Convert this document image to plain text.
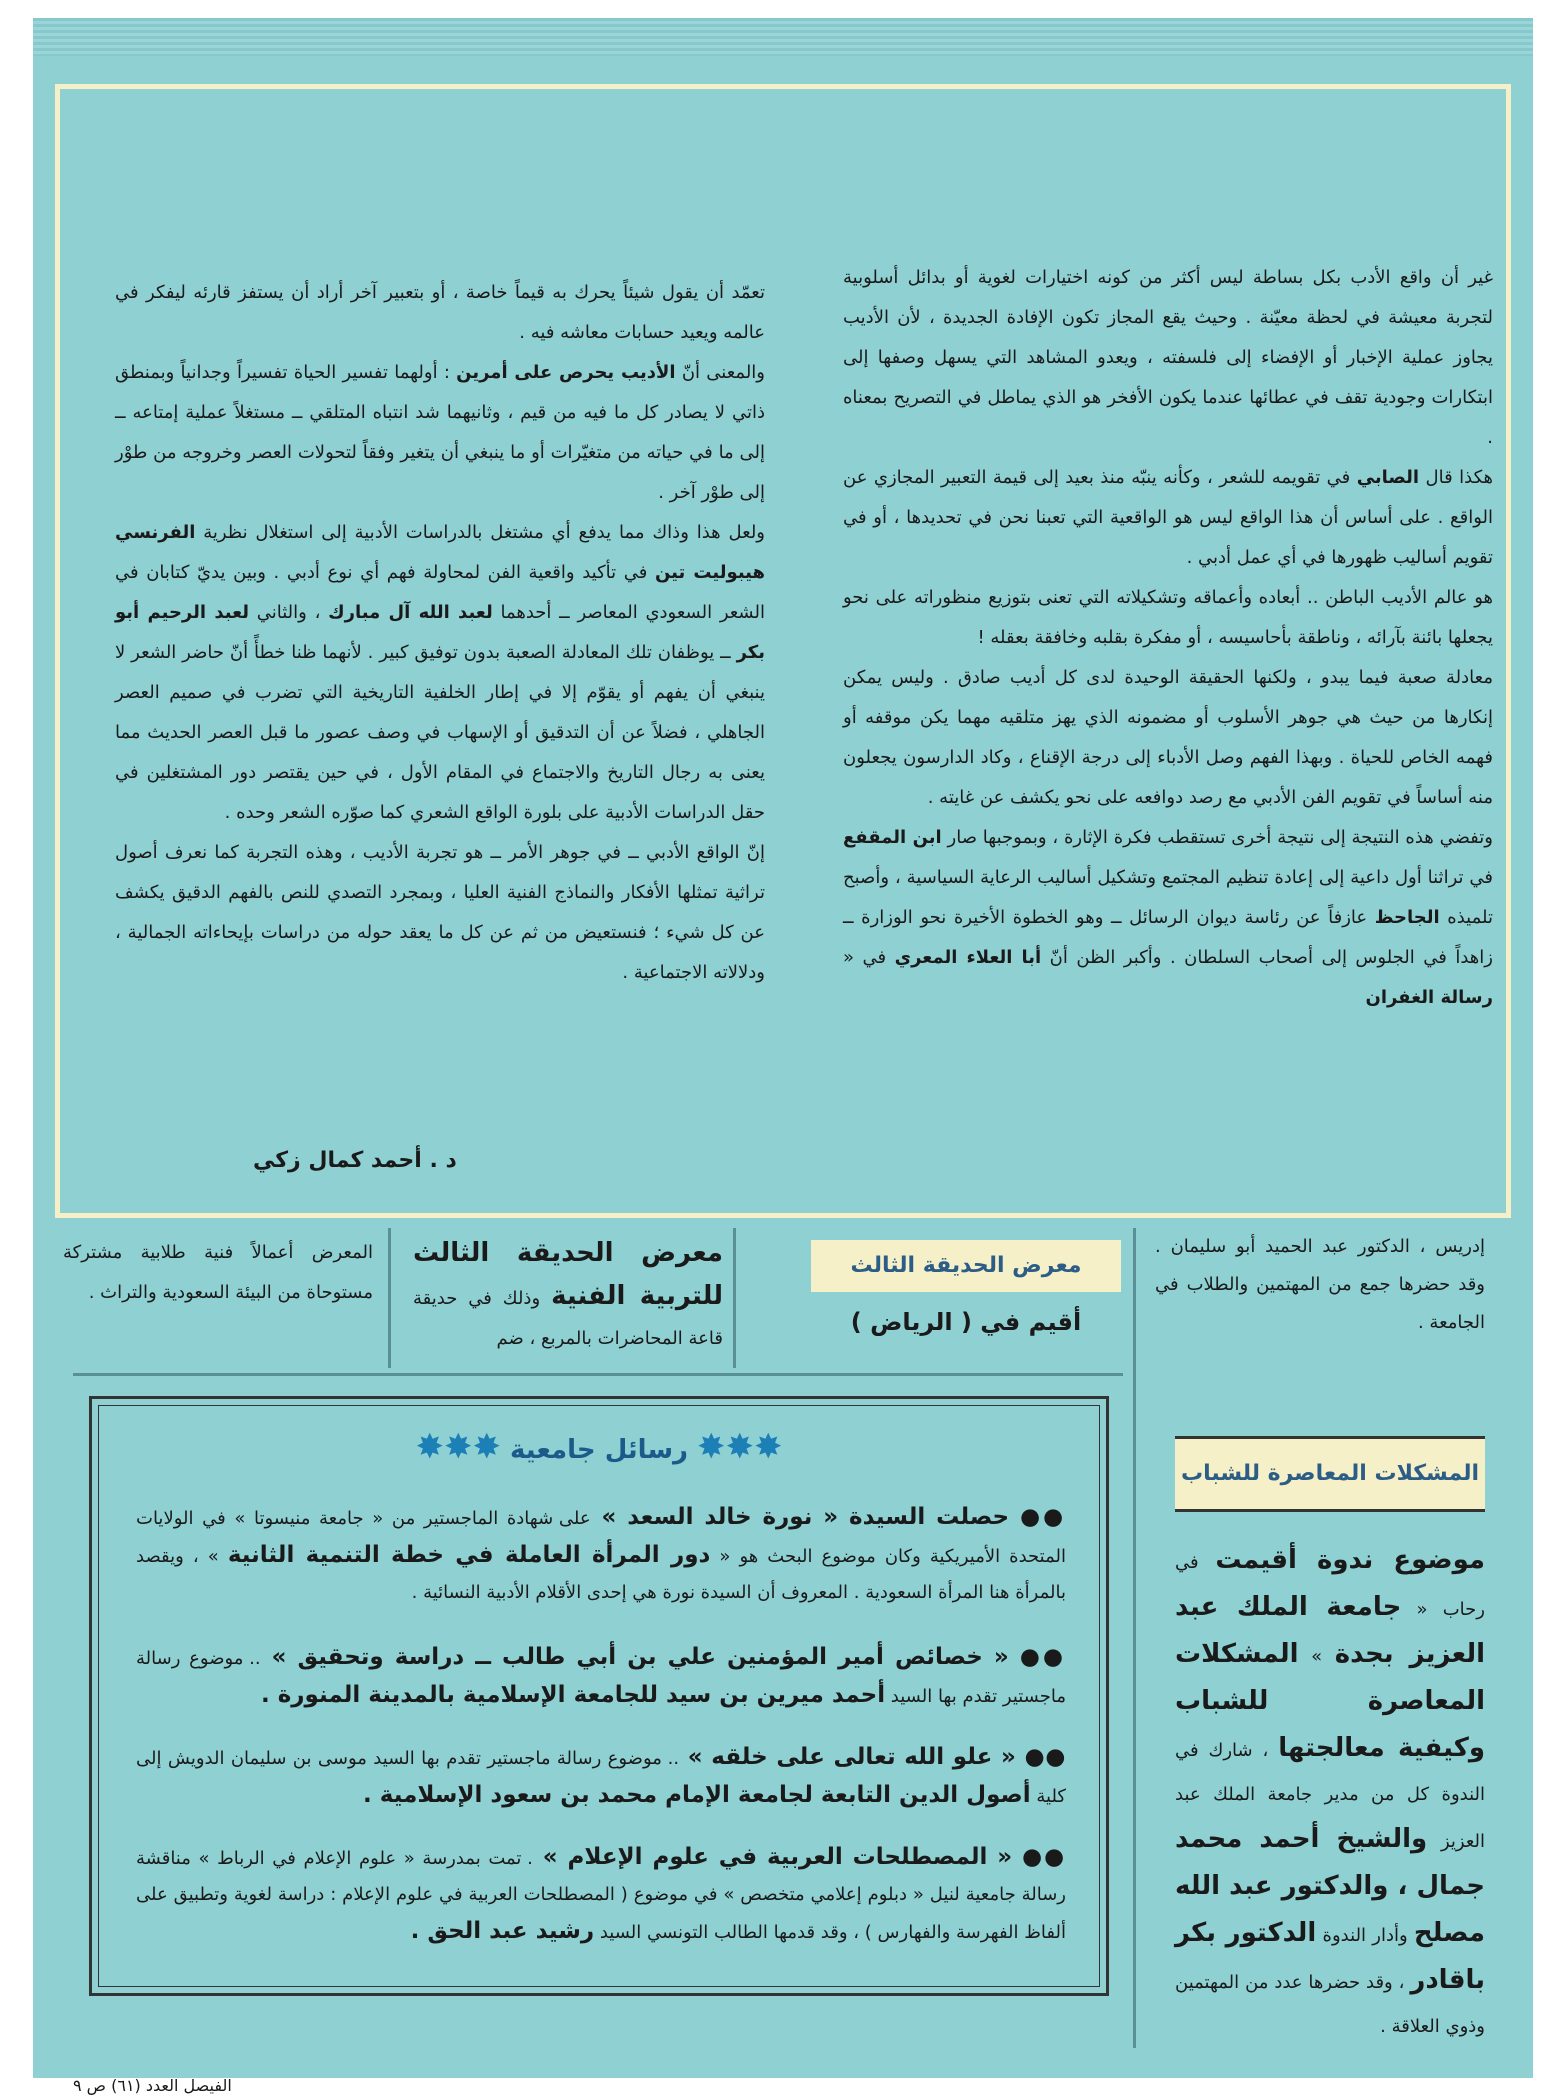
غير أن واقع الأدب بكل بساطة ليس أكثر من كونه اختيارات لغوية أو بدائل أسلوبية لتجربة معيشة في لحظة معيّنة . وحيث يقع المجاز تكون الإفادة الجديدة ، لأن الأديب يجاوز عملية الإخبار أو الإفضاء إلى فلسفته ، ويعدو المشاهد التي يسهل وصفها إلى ابتكارات وجودية تقف في عطائها عندما يكون الأفخر هو الذي يماطل في التصريح بمعناه .

هكذا قال الصابي في تقويمه للشعر ، وكأنه ينبّه منذ بعيد إلى قيمة التعبير المجازي عن الواقع . على أساس أن هذا الواقع ليس هو الواقعية التي تعبنا نحن في تحديدها ، أو في تقويم أساليب ظهورها في أي عمل أدبي .

هو عالم الأديب الباطن .. أبعاده وأعماقه وتشكيلاته التي تعنى بتوزيع منظوراته على نحو يجعلها بائنة بآرائه ، وناطقة بأحاسيسه ، أو مفكرة بقلبه وخافقة بعقله !

معادلة صعبة فيما يبدو ، ولكنها الحقيقة الوحيدة لدى كل أديب صادق . وليس يمكن إنكارها من حيث هي جوهر الأسلوب أو مضمونه الذي يهز متلقيه مهما يكن موقفه أو فهمه الخاص للحياة . وبهذا الفهم وصل الأدباء إلى درجة الإقناع ، وكاد الدارسون يجعلون منه أساساً في تقويم الفن الأدبي مع رصد دوافعه على نحو يكشف عن غايته .

وتفضي هذه النتيجة إلى نتيجة أخرى تستقطب فكرة الإثارة ، وبموجبها صار ابن المقفع في تراثنا أول داعية إلى إعادة تنظيم المجتمع وتشكيل أساليب الرعاية السياسية ، وأصبح تلميذه الجاحظ عازفاً عن رئاسة ديوان الرسائل ــ وهو الخطوة الأخيرة نحو الوزارة ــ زاهداً في الجلوس إلى أصحاب السلطان . وأكبر الظن أنّ أبا العلاء المعري في « رسالة الغفران

تعمّد أن يقول شيئاً يحرك به قيماً خاصة ، أو بتعبير آخر أراد أن يستفز قارئه ليفكر في عالمه ويعيد حسابات معاشه فيه .

والمعنى أنّ الأديب يحرص على أمرين : أولهما تفسير الحياة تفسيراً وجدانياً وبمنطق ذاتي لا يصادر كل ما فيه من قيم ، وثانيهما شد انتباه المتلقي ــ مستغلاً عملية إمتاعه ــ إلى ما في حياته من متغيّرات أو ما ينبغي أن يتغير وفقاً لتحولات العصر وخروجه من طوْر إلى طوْر آخر .

ولعل هذا وذاك مما يدفع أي مشتغل بالدراسات الأدبية إلى استغلال نظرية الفرنسي هيبوليت تين في تأكيد واقعية الفن لمحاولة فهم أي نوع أدبي . وبين يديّ كتابان في الشعر السعودي المعاصر ــ أحدهما لعبد الله آل مبارك ، والثاني لعبد الرحيم أبو بكر ــ يوظفان تلك المعادلة الصعبة بدون توفيق كبير . لأنهما ظنا خطأً أنّ حاضر الشعر لا ينبغي أن يفهم أو يقوّم إلا في إطار الخلفية التاريخية التي تضرب في صميم العصر الجاهلي ، فضلاً عن أن التدقيق أو الإسهاب في وصف عصور ما قبل العصر الحديث مما يعنى به رجال التاريخ والاجتماع في المقام الأول ، في حين يقتصر دور المشتغلين في حقل الدراسات الأدبية على بلورة الواقع الشعري كما صوّره الشعر وحده .

إنّ الواقع الأدبي ــ في جوهر الأمر ــ هو تجربة الأديب ، وهذه التجربة كما نعرف أصول تراثية تمثلها الأفكار والنماذج الفنية العليا ، وبمجرد التصدي للنص بالفهم الدقيق يكشف عن كل شيء ؛ فنستعيض من ثم عن كل ما يعقد حوله من دراسات بإيحاءاته الجمالية ، ودلالاته الاجتماعية .

د . أحمد كمال زكي
إدريس ، الدكتور عبد الحميد أبو سليمان . وقد حضرها جمع من المهتمين والطلاب في الجامعة .
المشكلات المعاصرة للشباب
موضوع ندوة أقيمت في رحاب « جامعة الملك عبد العزيز بجدة » المشكلات المعاصرة للشباب وكيفية معالجتها ، شارك في الندوة كل من مدير جامعة الملك عبد العزيز والشيخ أحمد محمد جمال ، والدكتور عبد الله مصلح وأدار الندوة الدكتور بكر باقادر ، وقد حضرها عدد من المهتمين وذوي العلاقة .
معرض الحديقة الثالث
أقيم في ( الرياض )
معرض الحديقة الثالث للتربية الفنية وذلك في حديقة قاعة المحاضرات بالمربع ، ضم
المعرض أعمالاً فنية طلابية مشتركة مستوحاة من البيئة السعودية والتراث .
✸✸✸ رسائل جامعية ✸✸✸
●● حصلت السيدة « نورة خالد السعد » على شهادة الماجستير من « جامعة منيسوتا » في الولايات المتحدة الأميريكية وكان موضوع البحث هو « دور المرأة العاملة في خطة التنمية الثانية » ، ويقصد بالمرأة هنا المرأة السعودية . المعروف أن السيدة نورة هي إحدى الأقلام الأدبية النسائية .
●● « خصائص أمير المؤمنين علي بن أبي طالب ــ دراسة وتحقيق » .. موضوع رسالة ماجستير تقدم بها السيد أحمد ميرين بن سيد للجامعة الإسلامية بالمدينة المنورة .
●● « علو الله تعالى على خلقه » .. موضوع رسالة ماجستير تقدم بها السيد موسى بن سليمان الدويش إلى كلية أصول الدين التابعة لجامعة الإمام محمد بن سعود الإسلامية .
●● « المصطلحات العربية في علوم الإعلام » . تمت بمدرسة « علوم الإعلام في الرباط » مناقشة رسالة جامعية لنيل « دبلوم إعلامي متخصص » في موضوع ( المصطلحات العربية في علوم الإعلام : دراسة لغوية وتطبيق على ألفاظ الفهرسة والفهارس ) ، وقد قدمها الطالب التونسي السيد رشيد عبد الحق .
الفيصل العدد (٦١) ص ٩
